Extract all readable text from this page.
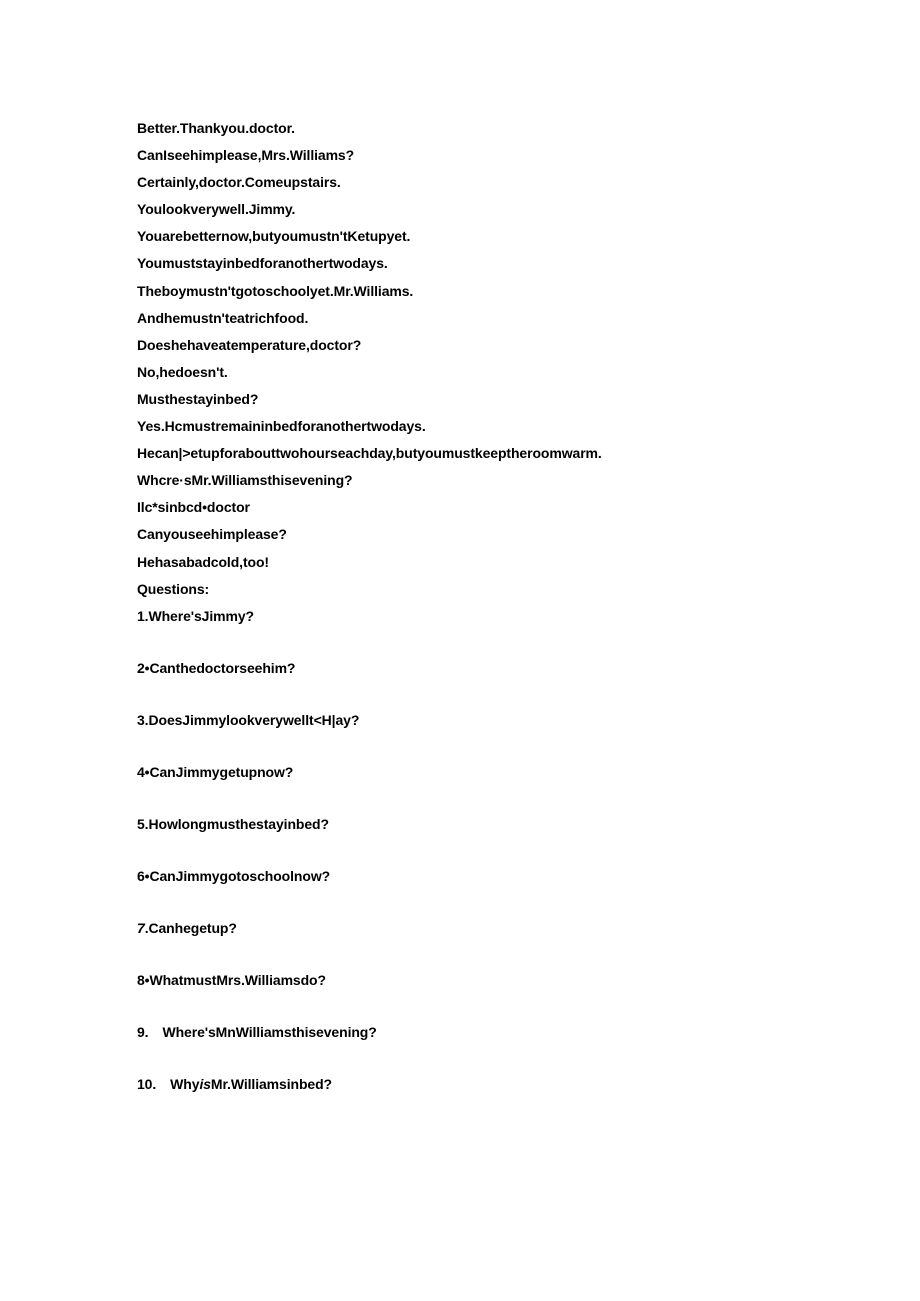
Better.Thankyou.doctor.
CanIseehimplease,Mrs.Williams?
Certainly,doctor.Comeupstairs.
Youlookverywell.Jimmy.
Youarebetternow,butyoumustn'tKetupyet.
Youmuststayinbedforanothertwodays.
Theboymustn'tgotoschoolyet.Mr.Williams.
Andhemustn'teatrichfood.
Doeshehaveatemperature,doctor?
No,hedoesn't.
Musthestayinbed?
Yes.Hcmustremaininbedforanothertwodays.
Hecan|>etupforabouttwohourseachday,butyoumustkeeptheroomwarm.
Whcre·sMr.Williamsthisevening?
Ilc*sinbcd•doctor
Canyouseehimplease?
Hehasabadcold,too!
Questions:
1.Where'sJimmy?
2•Canthedoctorseehim?
3.DoesJimmylookverywellt<H|ay?
4•CanJimmygetupnow?
5.Howlongmusthestayinbed?
6•CanJimmygotoschoolnow?
7.Canhegetup?
8•WhatmustMrs.Williamsdo?
9. Where'sMnWilliamsthisevening?
10. WhyisMr.Williamsinbed?
